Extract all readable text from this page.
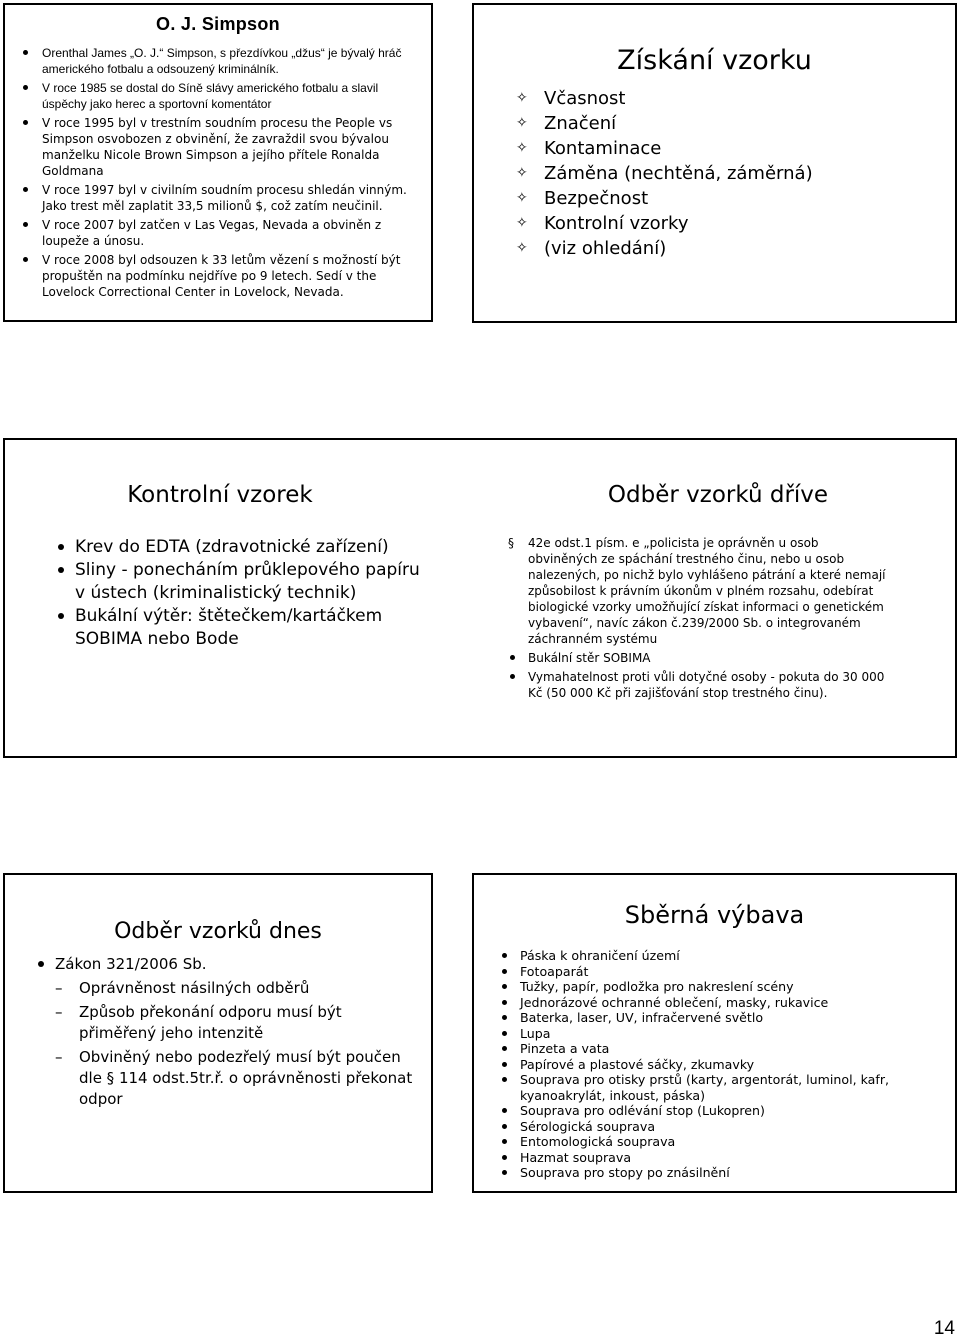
O. J. Simpson
Orenthal James „O. J.“ Simpson, s přezdívkou „džus“ je bývalý hráč amerického fotbalu a odsouzený kriminálník.
V roce 1985 se dostal do Síně slávy amerického fotbalu a slavil úspěchy jako herec a sportovní komentátor
V roce 1995 byl v trestním soudním procesu the People vs Simpson osvobozen z obvinění, že zavraždil svou bývalou manželku Nicole Brown Simpson a jejího přítele Ronalda Goldmana
V roce 1997 byl v civilním soudním procesu shledán vinným. Jako trest měl zaplatit 33,5 milionů $, což zatím neučinil.
V roce 2007 byl zatčen v Las Vegas, Nevada a obviněn z loupeže a únosu.
V roce 2008 byl odsouzen k 33 letům vězení s možností být propuštěn na podmínku nejdříve po 9 letech. Sedí v the Lovelock Correctional Center in Lovelock, Nevada.
Získání vzorku
✧ Včasnost
✧ Značení
✧ Kontaminace
✧ Záměna (nechtěná, záměrná)
✧ Bezpečnost
✧ Kontrolní vzorky
✧ (viz ohledání)
Kontrolní vzorek
Krev do EDTA (zdravotnické zařízení)
Sliny - ponecháním průklepového papíru v ústech (kriminalistický technik)
Bukální výtěr: štětečkem/kartáčkem SOBIMA nebo Bode
Odběr vzorků dříve
§ 42e odst.1 písm. e „policista je oprávněn u osob obviněných ze spáchání trestného činu, nebo u osob nalezených, po nichž bylo vyhlášeno pátrání a které nemají způsobilost k právním úkonům v plném rozsahu, odebírat biologické vzorky umožňující získat informaci o genetickém vybavení“, navíc zákon č.239/2000 Sb. o integrovaném záchranném systému
Bukální stěr SOBIMA
Vymahatelnost proti vůli dotyčné osoby - pokuta do 30 000 Kč (50 000 Kč při zajišťování stop trestného činu).
Odběr vzorků dnes
Zákon 321/2006 Sb.
– Oprávněnost násilných odběrů
– Způsob překonání odporu musí být přiměřený jeho intenzitě
– Obviněný nebo podezřelý musí být poučen dle § 114 odst.5tr.ř. o oprávněnosti překonat odpor
Sběrná výbava
Páska k ohraničení území
Fotoaparát
Tužky, papír, podložka pro nakreslení scény
Jednorázové ochranné oblečení, masky, rukavice
Baterka, laser, UV, infračervené světlo
Lupa
Pinzeta a vata
Papírové a plastové sáčky, zkumavky
Souprava pro otisky prstů (karty, argentorát, luminol, kafr, kyanoakrylát, inkoust, páska)
Souprava pro odlévání stop (Lukopren)
Sérologická souprava
Entomologická souprava
Hazmat souprava
Souprava pro stopy po znásilnění
14
